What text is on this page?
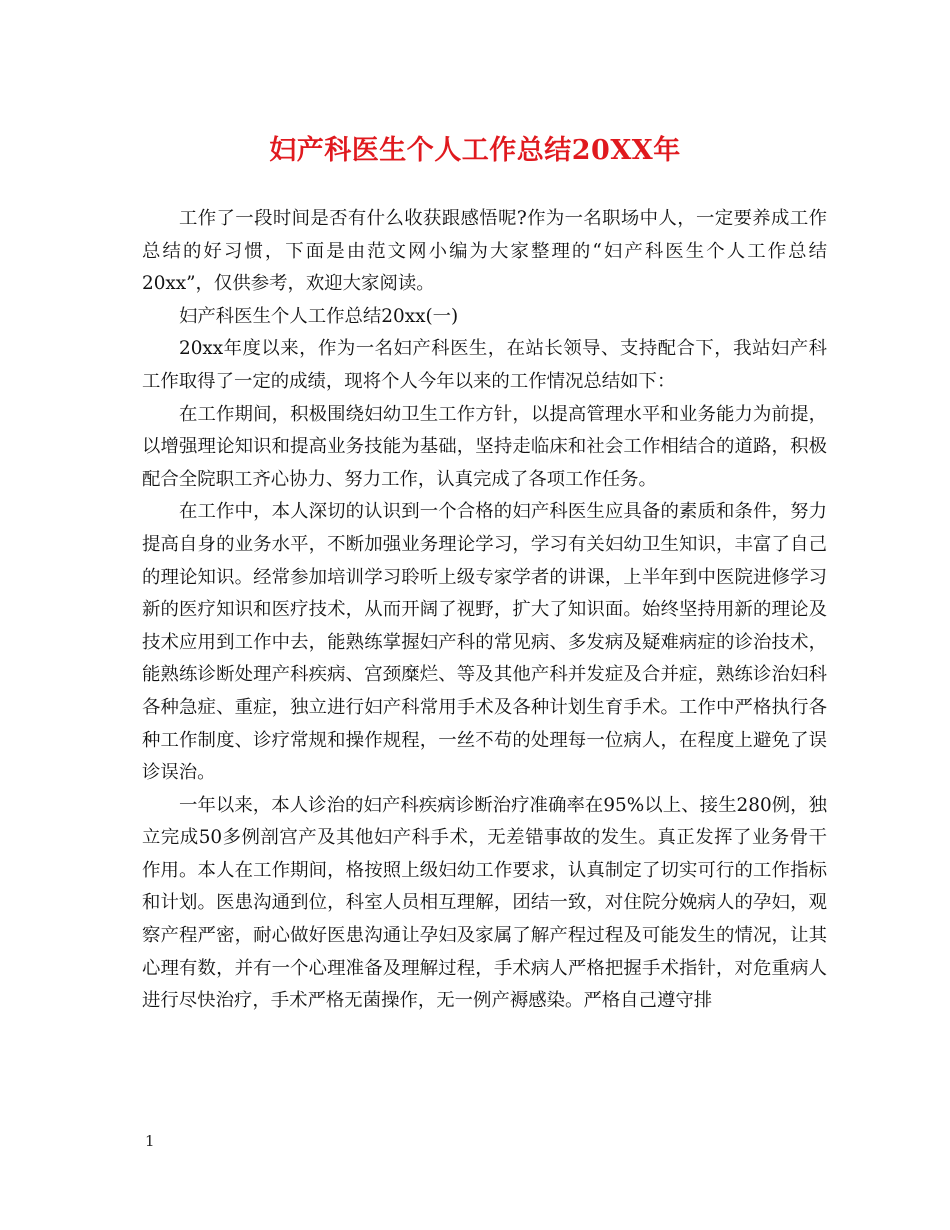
妇产科医生个人工作总结20XX年

工作了一段时间是否有什么收获跟感悟呢?作为一名职场中人，一定要养成工作总结的好习惯，下面是由范文网小编为大家整理的“妇产科医生个人工作总结20xx”，仅供参考，欢迎大家阅读。

妇产科医生个人工作总结20xx(一)

20xx年度以来，作为一名妇产科医生，在站长领导、支持配合下，我站妇产科工作取得了一定的成绩，现将个人今年以来的工作情况总结如下：

在工作期间，积极围绕妇幼卫生工作方针，以提高管理水平和业务能力为前提，以增强理论知识和提高业务技能为基础，坚持走临床和社会工作相结合的道路，积极配合全院职工齐心协力、努力工作，认真完成了各项工作任务。

在工作中，本人深切的认识到一个合格的妇产科医生应具备的素质和条件，努力提高自身的业务水平，不断加强业务理论学习，学习有关妇幼卫生知识，丰富了自己的理论知识。经常参加培训学习聆听上级专家学者的讲课，上半年到中医院进修学习新的医疗知识和医疗技术，从而开阔了视野，扩大了知识面。始终坚持用新的理论及技术应用到工作中去，能熟练掌握妇产科的常见病、多发病及疑难病症的诊治技术，能熟练诊断处理产科疾病、宫颈糜烂、等及其他产科并发症及合并症，熟练诊治妇科各种急症、重症，独立进行妇产科常用手术及各种计划生育手术。工作中严格执行各种工作制度、诊疗常规和操作规程，一丝不苟的处理每一位病人，在程度上避免了误诊误治。

一年以来，本人诊治的妇产科疾病诊断治疗准确率在95%以上、接生280例，独立完成50多例剖宫产及其他妇产科手术，无差错事故的发生。真正发挥了业务骨干作用。本人在工作期间，格按照上级妇幼工作要求，认真制定了切实可行的工作指标和计划。医患沟通到位，科室人员相互理解，团结一致，对住院分娩病人的孕妇，观察产程严密，耐心做好医患沟通让孕妇及家属了解产程过程及可能发生的情况，让其心理有数，并有一个心理准备及理解过程，手术病人严格把握手术指针，对危重病人进行尽快治疗，手术严格无菌操作，无一例产褥感染。严格自己遵守排

1
